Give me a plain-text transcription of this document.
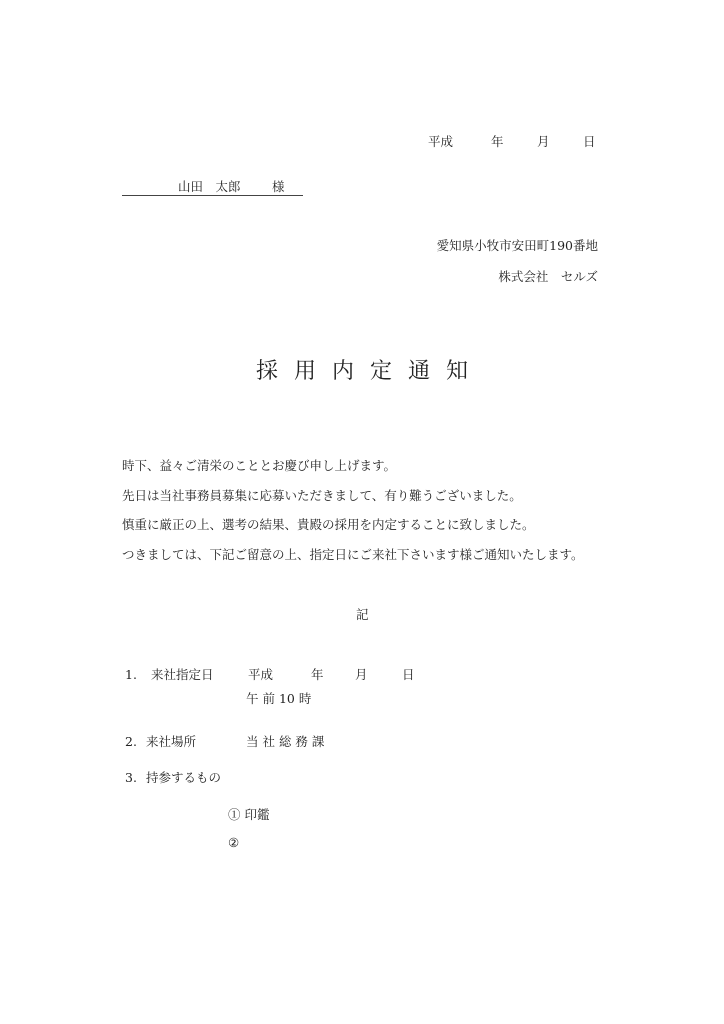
平成	年	月	日
山田　太郎	様
愛知県小牧市安田町190番地
株式会社　セルズ
採用内定通知
時下、益々ご清栄のこととお慶び申し上げます。
先日は当社事務員募集に応募いただきまして、有り難うございました。
慎重に厳正の上、選考の結果、貴殿の採用を内定することに致しました。
つきましては、下記ご留意の上、指定日にご来社下さいます様ご通知いたします。
記
1. 来社指定日	平成	年	月	日
午 前 10 時
2. 来社場所	当 社 総 務 課
3. 持参するもの
① 印鑑
②
